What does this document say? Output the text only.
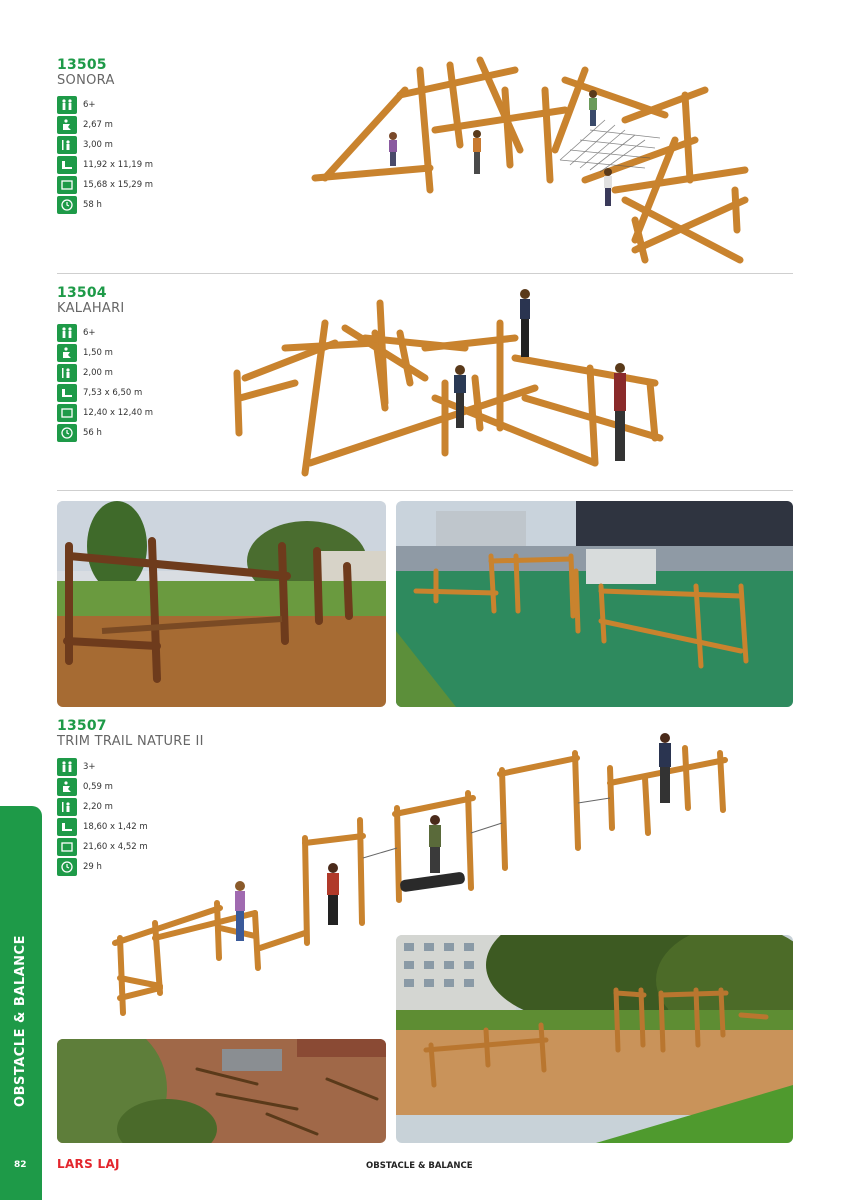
13505
SONORA
6+
2,67 m
3,00 m
11,92 x 11,19 m
15,68 x 15,29 m
58 h
13504
KALAHARI
6+
1,50 m
2,00 m
7,53 x 6,50 m
12,40 x 12,40 m
56 h
13507
TRIM TRAIL NATURE II
3+
0,59 m
2,20 m
18,60 x 1,42 m
21,60 x 4,52 m
29 h
OBSTACLE & BALANCE
82	LARS LAJ	OBSTACLE & BALANCE
